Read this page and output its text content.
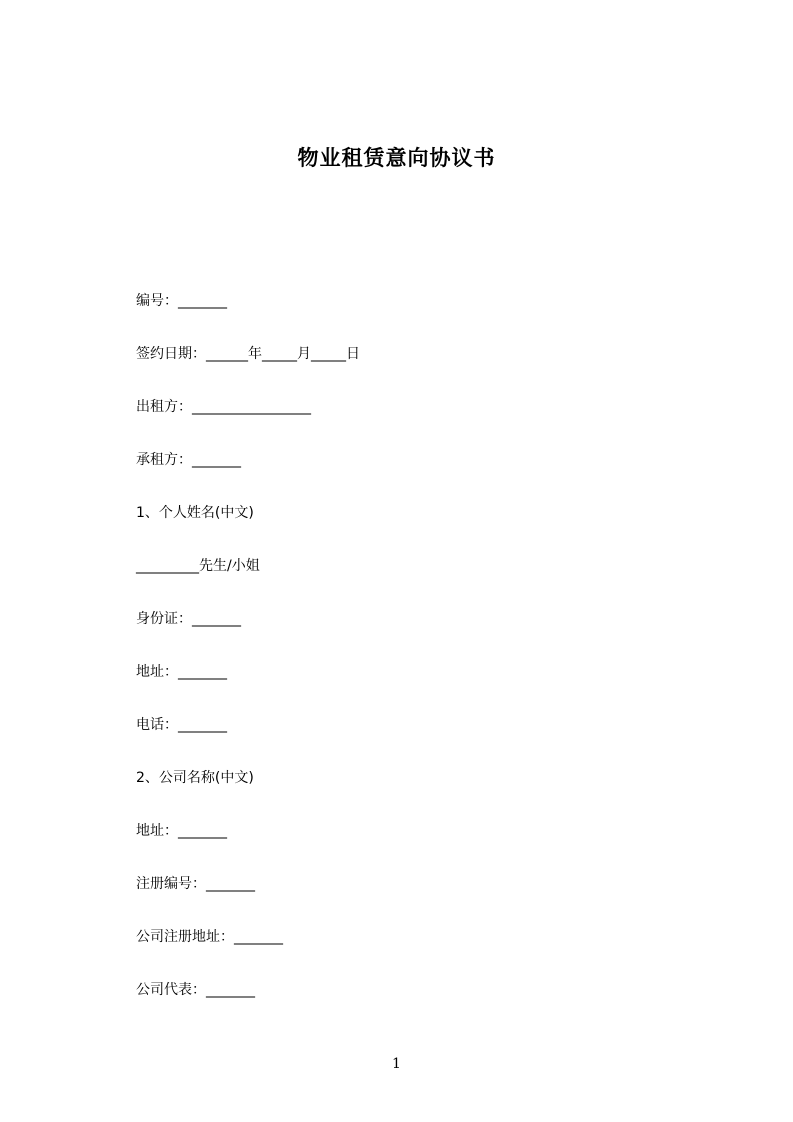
物业租赁意向协议书
编号：_______
签约日期：______年_____月_____日
出租方：_________________
承租方：_______
1、个人姓名(中文)
_________先生/小姐
身份证：_______
地址：_______
电话：_______
2、公司名称(中文)
地址：_______
注册编号：_______
公司注册地址：_______
公司代表：_______
1
